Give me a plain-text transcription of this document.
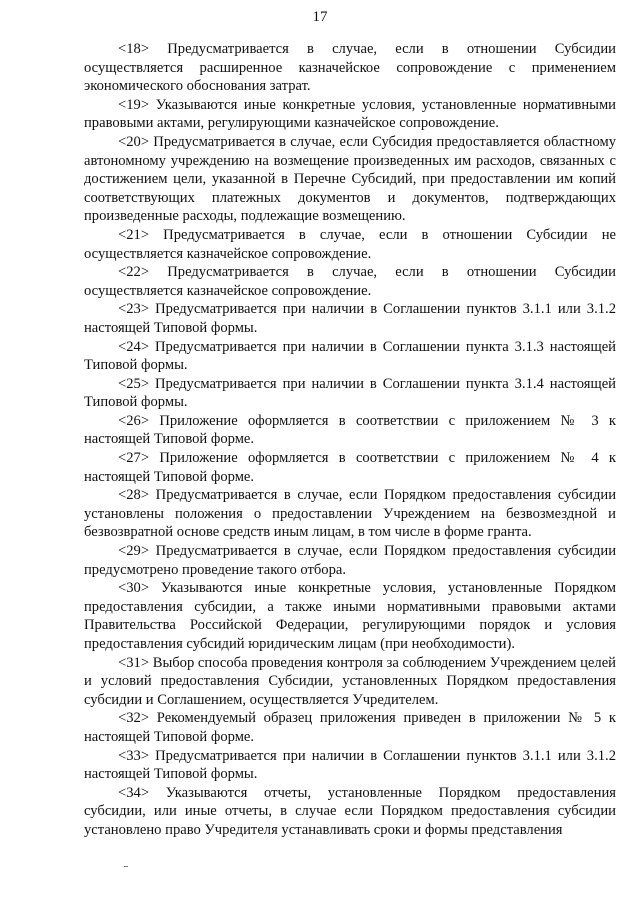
17

<18> Предусматривается в случае, если в отношении Субсидии осуществляется расширенное казначейское сопровождение с применением экономического обоснования затрат.

<19> Указываются иные конкретные условия, установленные нормативными правовыми актами, регулирующими казначейское сопровождение.

<20> Предусматривается в случае, если Субсидия предоставляется областному автономному учреждению на возмещение произведенных им расходов, связанных с достижением цели, указанной в Перечне Субсидий, при предоставлении им копий соответствующих платежных документов и документов, подтверждающих произведенные расходы, подлежащие возмещению.

<21> Предусматривается в случае, если в отношении Субсидии не осуществляется казначейское сопровождение.

<22> Предусматривается в случае, если в отношении Субсидии осуществляется казначейское сопровождение.

<23> Предусматривается при наличии в Соглашении пунктов 3.1.1 или 3.1.2 настоящей Типовой формы.

<24> Предусматривается при наличии в Соглашении пункта 3.1.3 настоящей Типовой формы.

<25> Предусматривается при наличии в Соглашении пункта 3.1.4 настоящей Типовой формы.

<26> Приложение оформляется в соответствии с приложением № 3 к настоящей Типовой форме.

<27> Приложение оформляется в соответствии с приложением № 4 к настоящей Типовой форме.

<28> Предусматривается в случае, если Порядком предоставления субсидии установлены положения о предоставлении Учреждением на безвозмездной и безвозвратной основе средств иным лицам, в том числе в форме гранта.

<29> Предусматривается в случае, если Порядком предоставления субсидии предусмотрено проведение такого отбора.

<30> Указываются иные конкретные условия, установленные Порядком предоставления субсидии, а также иными нормативными правовыми актами Правительства Российской Федерации, регулирующими порядок и условия предоставления субсидий юридическим лицам (при необходимости).

<31> Выбор способа проведения контроля за соблюдением Учреждением целей и условий предоставления Субсидии, установленных Порядком предоставления субсидии и Соглашением, осуществляется Учредителем.

<32> Рекомендуемый образец приложения приведен в приложении № 5 к настоящей Типовой форме.

<33> Предусматривается при наличии в Соглашении пунктов 3.1.1 или 3.1.2 настоящей Типовой формы.

<34> Указываются отчеты, установленные Порядком предоставления субсидии, или иные отчеты, в случае если Порядком предоставления субсидии установлено право Учредителя устанавливать сроки и формы представления
